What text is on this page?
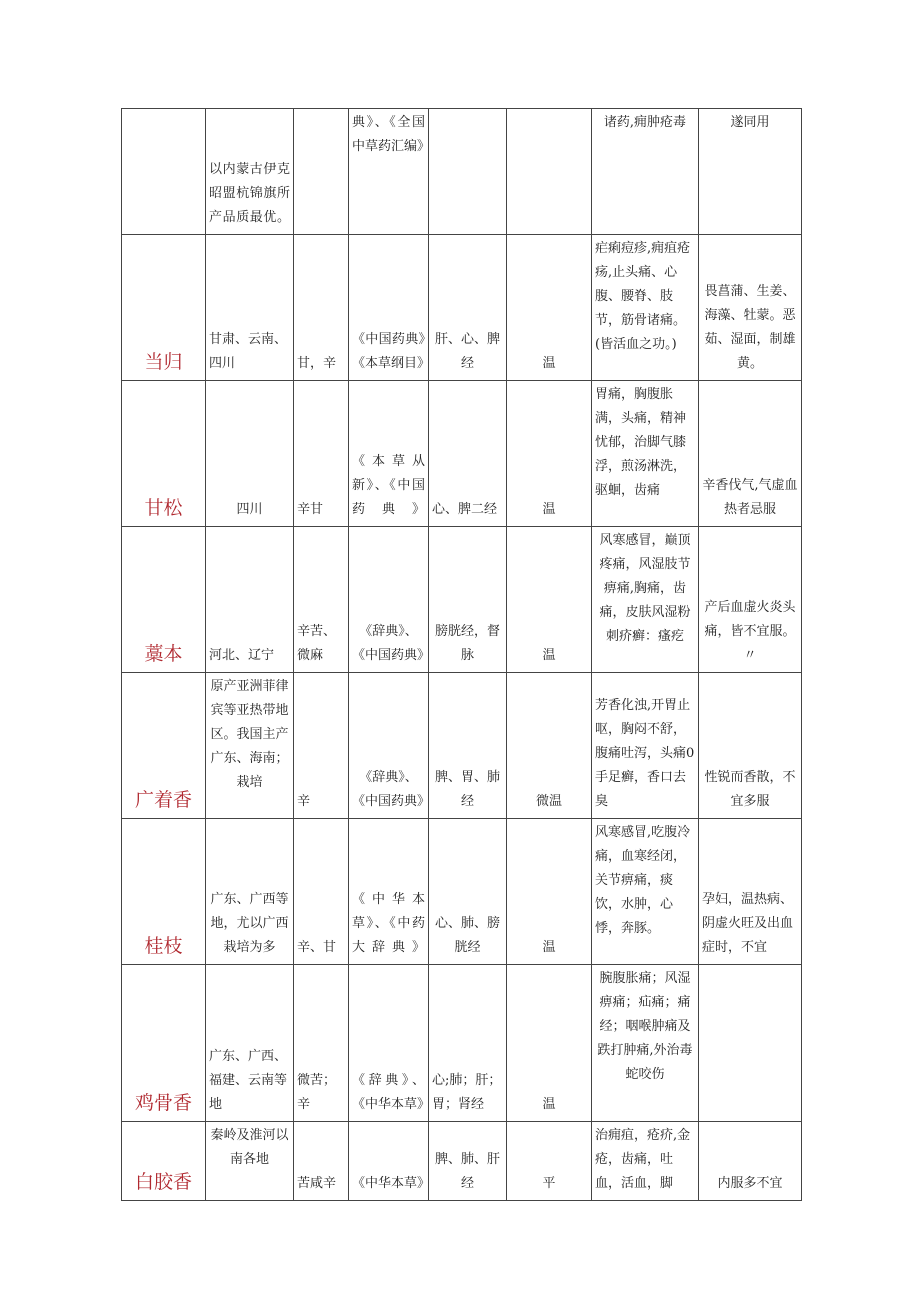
	以内蒙古伊克昭盟杭锦旗所产品质最优。		典》、《全国中草药汇编》			诸药,痈肿疮毒	遂同用
当归	甘肃、云南、四川	甘，辛	《中国药典》《本草纲目》	肝、心、脾经	温	疟痢痘疹,痈疽疮疡,止头痛、心腹、腰脊、肢节，筋骨诸痛。(皆活血之功。)	畏菖蒲、生姜、海藻、牡蒙。恶茹、湿面，制雄黄。
甘松	四川	辛甘	《本草从新》、《中国药典》	心、脾二经	温	胃痛，胸腹胀满，头痛，精神忧郁，治脚气膝浮，煎汤淋洗，驱蛔，齿痛	辛香伐气,气虚血热者忌服
藁本	河北、辽宁	辛苦、微麻	《辞典》、《中国药典》	膀胱经，督脉	温	风寒感冒，巅顶疼痛，风湿肢节痹痛,胸痛，齿痛，皮肤风湿粉刺疥癣：瘙疙	产后血虚火炎头痛，皆不宜服。〃
广着香	原产亚洲菲律宾等亚热带地区。我国主产广东、海南；栽培	辛	《辞典》、《中国药典》	脾、胃、肺经	微温	芳香化浊,开胃止呕，胸闷不舒，腹痛吐泻，头痛0手足癣，香口去臭	性锐而香散，不宜多服
桂枝	广东、广西等地，尤以广西栽培为多	辛、甘	《中华本草》、《中药大辞典》	心、肺、膀胱经	温	风寒感冒,吃腹冷痛，血寒经闭，关节痹痛，痰饮，水肿，心悸，奔豚。	孕妇，温热病、阴虚火旺及出血症时，不宜
鸡骨香	广东、广西、福建、云南等地	微苦；辛	《辞典》、《中华本草》	心;肺；肝；胃；肾经	温	腕腹胀痛；风湿痹痛；疝痛；痛经；咽喉肿痛及跌打肿痛,外治毒蛇咬伤	
白胶香	秦岭及淮河以南各地	苦咸辛	《中华本草》	脾、肺、肝经	平	治痈疽，疮疥,金疮，齿痛，吐血，活血，脚	内服多不宜
